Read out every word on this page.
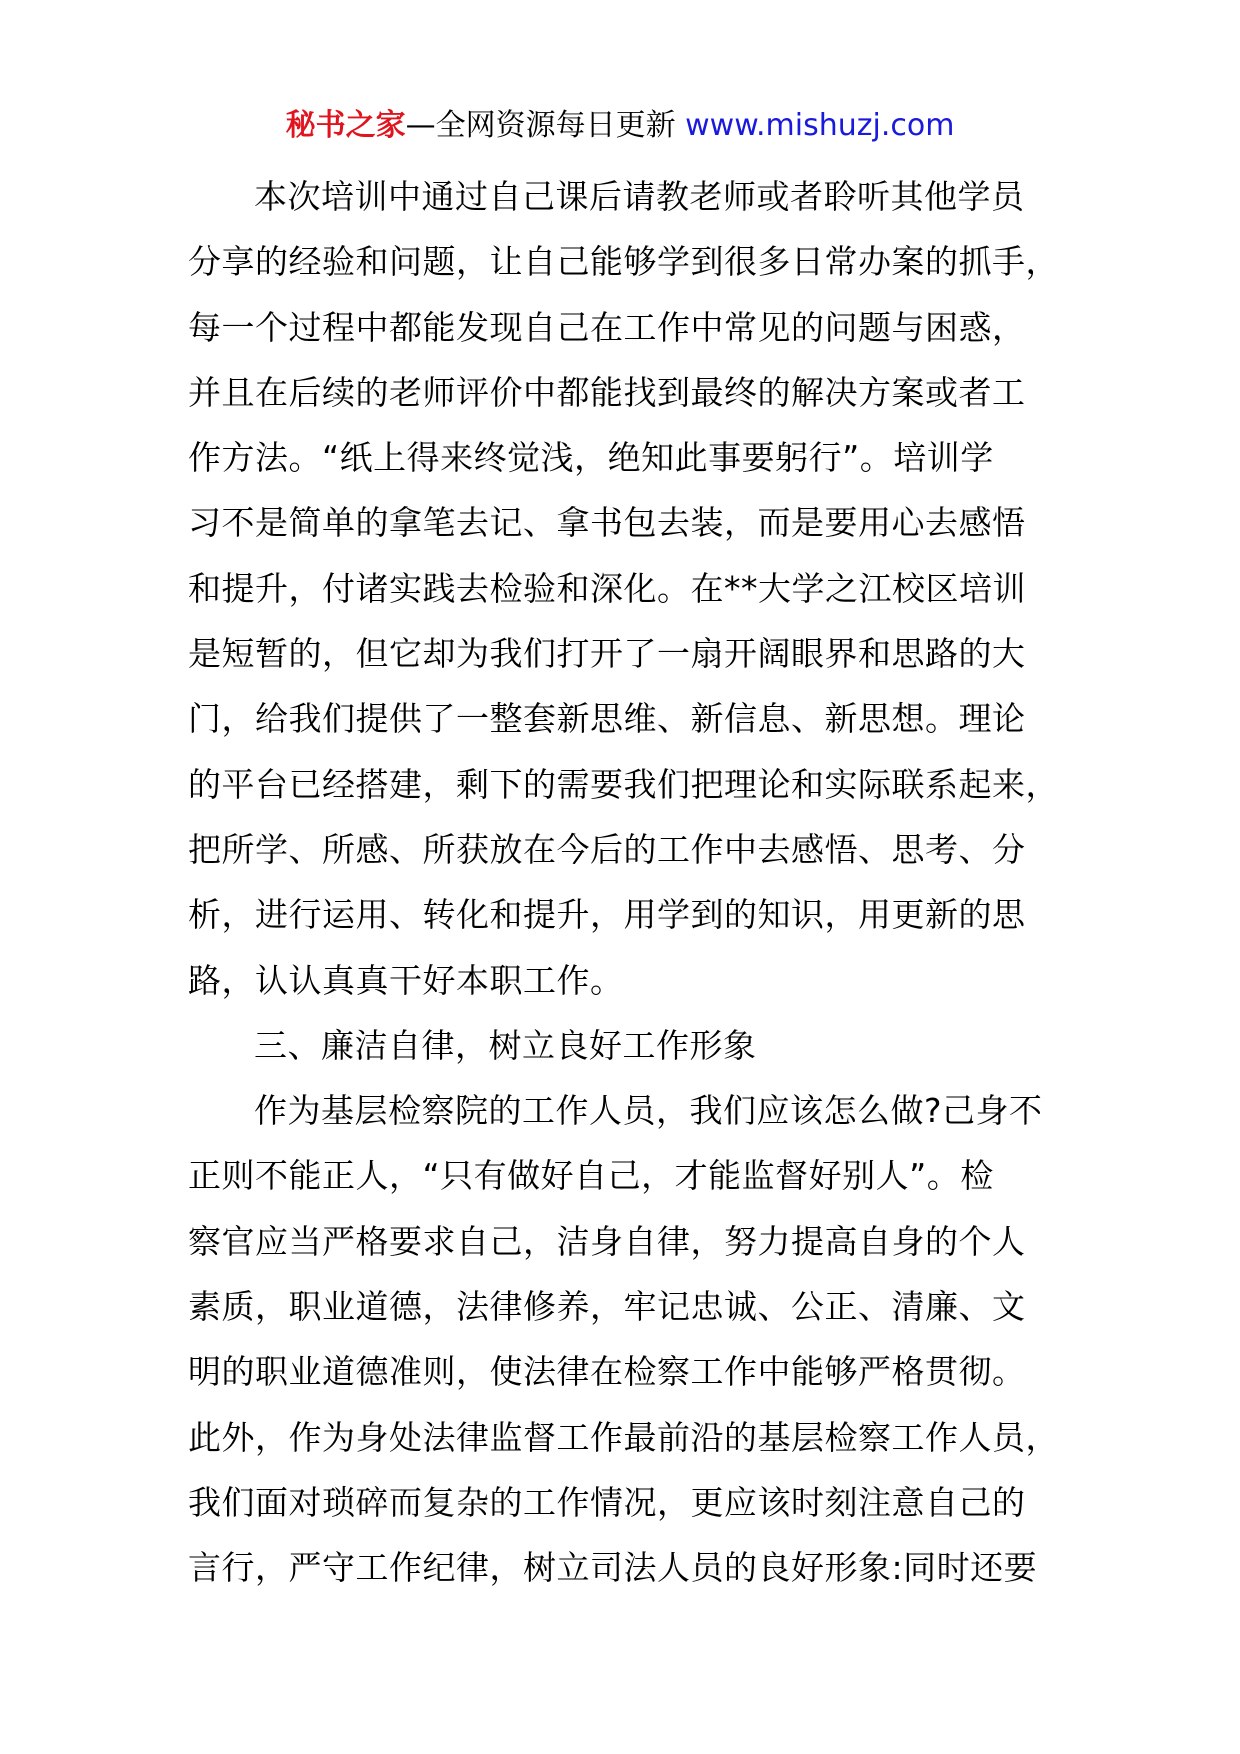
秘书之家—全网资源每日更新 www.mishuzj.com
本次培训中通过自己课后请教老师或者聆听其他学员
分享的经验和问题，让自己能够学到很多日常办案的抓手，
每一个过程中都能发现自己在工作中常见的问题与困惑，
并且在后续的老师评价中都能找到最终的解决方案或者工
作方法。“纸上得来终觉浅，绝知此事要躬行”。培训学
习不是简单的拿笔去记、拿书包去装，而是要用心去感悟
和提升，付诸实践去检验和深化。在**大学之江校区培训
是短暂的，但它却为我们打开了一扇开阔眼界和思路的大
门，给我们提供了一整套新思维、新信息、新思想。理论
的平台已经搭建，剩下的需要我们把理论和实际联系起来，
把所学、所感、所获放在今后的工作中去感悟、思考、分
析，进行运用、转化和提升，用学到的知识，用更新的思
路，认认真真干好本职工作。
三、廉洁自律，树立良好工作形象
作为基层检察院的工作人员，我们应该怎么做?己身不
正则不能正人，“只有做好自己，才能监督好别人”。检
察官应当严格要求自己，洁身自律，努力提高自身的个人
素质，职业道德，法律修养，牢记忠诚、公正、清廉、文
明的职业道德准则，使法律在检察工作中能够严格贯彻。
此外，作为身处法律监督工作最前沿的基层检察工作人员，
我们面对琐碎而复杂的工作情况，更应该时刻注意自己的
言行，严守工作纪律，树立司法人员的良好形象:同时还要
